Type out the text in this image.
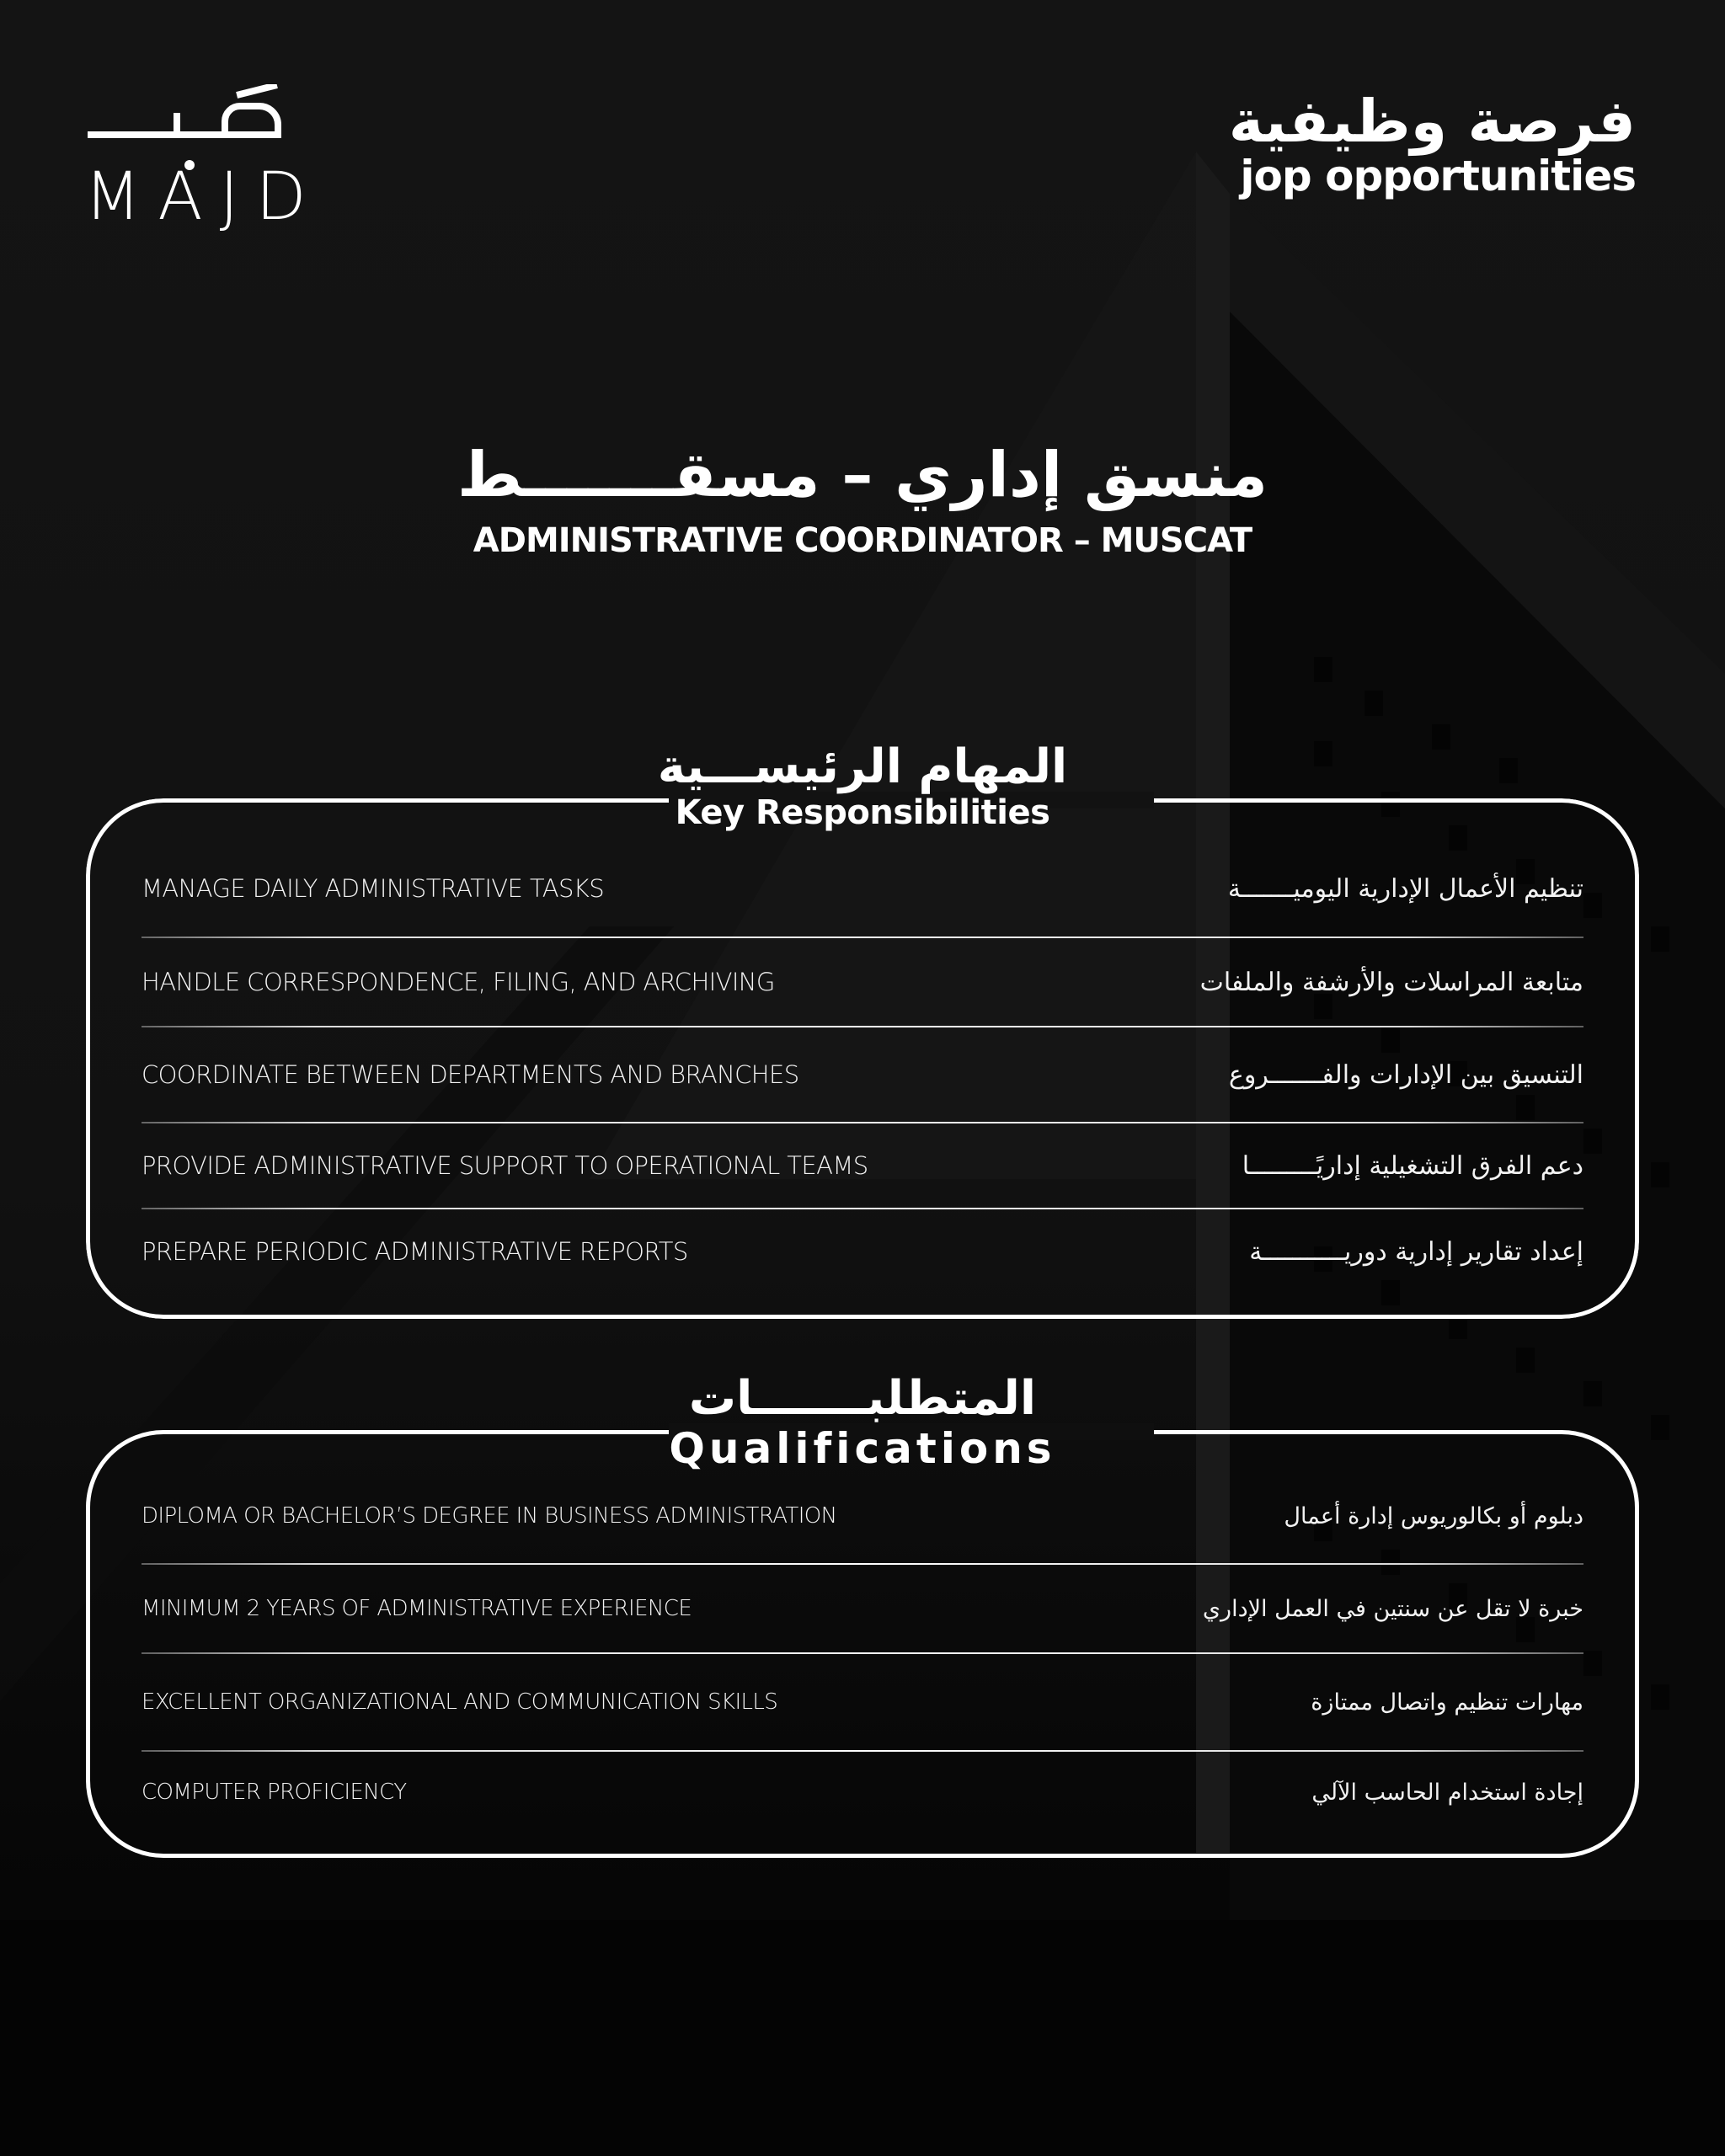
MAJD
فرصة وظيفية
jop opportunities
منسق إداري – مسقـــــــط
ADMINISTRATIVE COORDINATOR – MUSCAT
المهام الرئيســـية
Key Responsibilities
MANAGE DAILY ADMINISTRATIVE TASKS	تنظيم الأعمال الإدارية اليوميـــــــة
HANDLE CORRESPONDENCE, FILING, AND ARCHIVING	متابعة المراسلات والأرشفة والملفات
COORDINATE BETWEEN DEPARTMENTS AND BRANCHES	التنسيق بين الإدارات والفـــــــروع
PROVIDE ADMINISTRATIVE SUPPORT TO OPERATIONAL TEAMS	دعم الفرق التشغيلية إداريًـــــــــا
PREPARE PERIODIC ADMINISTRATIVE REPORTS	إعداد تقارير إدارية دوريـــــــــــة
المتطلبـــــــات
Qualifications
DIPLOMA OR BACHELOR’S DEGREE IN BUSINESS ADMINISTRATION	دبلوم أو بكالوريوس إدارة أعمال
MINIMUM 2 YEARS OF ADMINISTRATIVE EXPERIENCE	خبرة لا تقل عن سنتين في العمل الإداري
EXCELLENT ORGANIZATIONAL AND COMMUNICATION SKILLS	مهارات تنظيم واتصال ممتازة
COMPUTER PROFICIENCY	إجادة استخدام الحاسب الآلي
